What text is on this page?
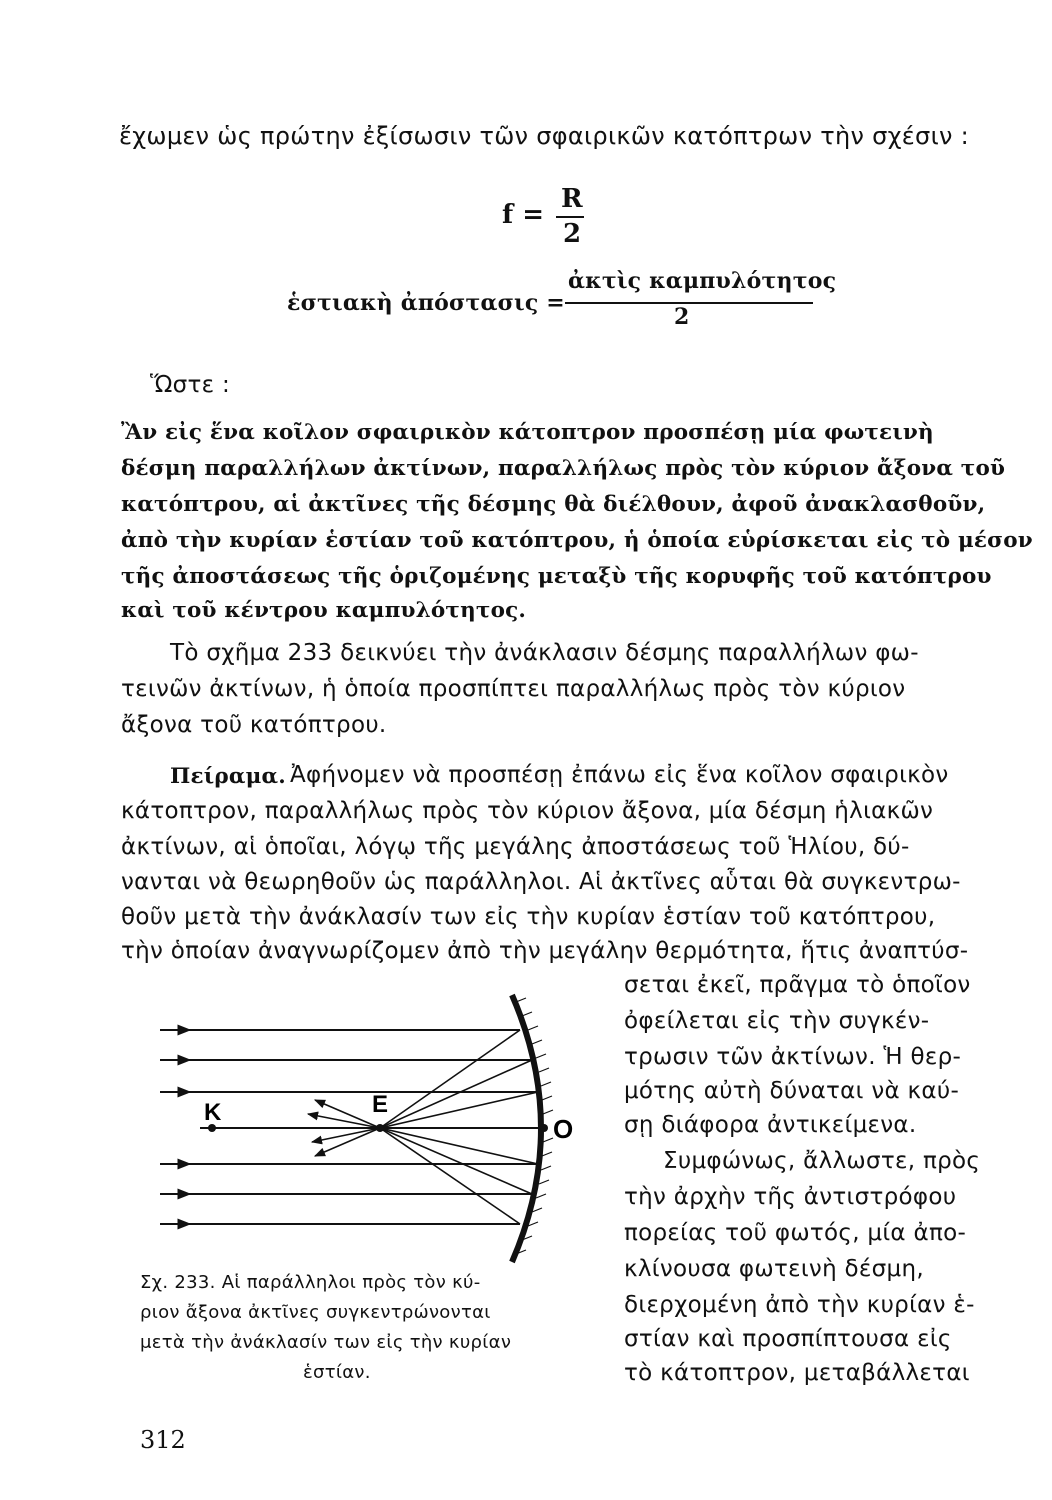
ἔχωμεν ὡς πρώτην ἐξίσωσιν τῶν σφαιρικῶν κατόπτρων τὴν σχέσιν :
f =
R
2
ἑστιακὴ ἀπόστασις =
ἀκτὶς καμπυλότητος
2
Ὥστε :
Ἂν εἰς ἕνα κοῖλον σφαιρικὸν κάτοπτρον προσπέσῃ μία φωτεινὴ
δέσμη παραλλήλων ἀκτίνων, παραλλήλως πρὸς τὸν κύριον ἄξονα τοῦ
κατόπτρου, αἱ ἀκτῖνες τῆς δέσμης θὰ διέλθουν, ἀφοῦ ἀνακλασθοῦν,
ἀπὸ τὴν κυρίαν ἑστίαν τοῦ κατόπτρου, ἡ ὁποία εὑρίσκεται εἰς τὸ μέσον
τῆς ἀποστάσεως τῆς ὁριζομένης μεταξὺ τῆς κορυφῆς τοῦ κατόπτρου
καὶ τοῦ κέντρου καμπυλότητος.
Τὸ σχῆμα 233 δεικνύει τὴν ἀνάκλασιν δέσμης παραλλήλων φω-
τεινῶν ἀκτίνων, ἡ ὁποία προσπίπτει παραλλήλως πρὸς τὸν κύριον
ἄξονα τοῦ κατόπτρου.
Πείραμα. Ἀφήνομεν νὰ προσπέσῃ ἐπάνω εἰς ἕνα κοῖλον σφαιρικὸν
κάτοπτρον, παραλλήλως πρὸς τὸν κύριον ἄξονα, μία δέσμη ἡλιακῶν
ἀκτίνων, αἱ ὁποῖαι, λόγῳ τῆς μεγάλης ἀποστάσεως τοῦ Ἡλίου, δύ-
νανται νὰ θεωρηθοῦν ὡς παράλληλοι. Αἱ ἀκτῖνες αὗται θὰ συγκεντρω-
θοῦν μετὰ τὴν ἀνάκλασίν των εἰς τὴν κυρίαν ἑστίαν τοῦ κατόπτρου,
τὴν ὁποίαν ἀναγνωρίζομεν ἀπὸ τὴν μεγάλην θερμότητα, ἥτις ἀναπτύσ-
σεται ἐκεῖ, πρᾶγμα τὸ ὁποῖον
ὀφείλεται εἰς τὴν συγκέν-
τρωσιν τῶν ἀκτίνων. Ἡ θερ-
μότης αὐτὴ δύναται νὰ καύ-
σῃ διάφορα ἀντικείμενα.
Συμφώνως, ἄλλωστε, πρὸς
τὴν ἀρχὴν τῆς ἀντιστρόφου
πορείας τοῦ φωτός, μία ἀπο-
κλίνουσα φωτεινὴ δέσμη,
διερχομένη ἀπὸ τὴν κυρίαν ἑ-
στίαν καὶ προσπίπτουσα εἰς
τὸ κάτοπτρον, μεταβάλλεται
K	E
O
Σχ. 233. Αἱ παράλληλοι πρὸς τὸν κύ-
ριον ἄξονα ἀκτῖνες συγκεντρώνονται
μετὰ τὴν ἀνάκλασίν των εἰς τὴν κυρίαν
ἑστίαν.
312
